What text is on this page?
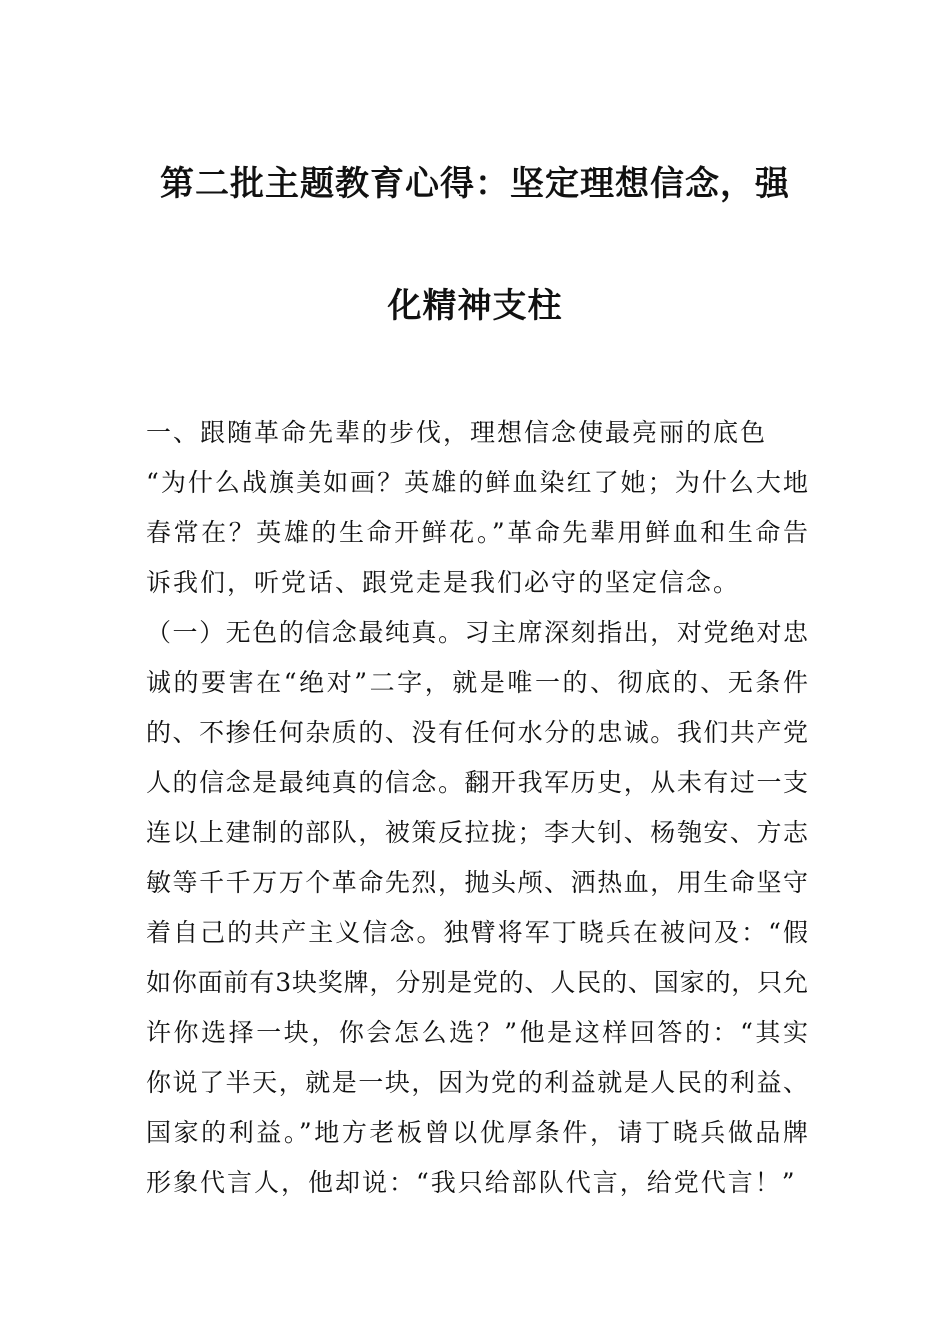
第二批主题教育心得：坚定理想信念，强
化精神支柱
一、跟随革命先辈的步伐，理想信念使最亮丽的底色
“为什么战旗美如画？英雄的鲜血染红了她；为什么大地
春常在？英雄的生命开鲜花。”革命先辈用鲜血和生命告
诉我们，听党话、跟党走是我们必守的坚定信念。
（一）无色的信念最纯真。习主席深刻指出，对党绝对忠
诚的要害在“绝对”二字，就是唯一的、彻底的、无条件
的、不掺任何杂质的、没有任何水分的忠诚。我们共产党
人的信念是最纯真的信念。翻开我军历史，从未有过一支
连以上建制的部队，被策反拉拢；李大钊、杨匏安、方志
敏等千千万万个革命先烈，抛头颅、洒热血，用生命坚守
着自己的共产主义信念。独臂将军丁晓兵在被问及：“假
如你面前有3块奖牌，分别是党的、人民的、国家的，只允
许你选择一块，你会怎么选？”他是这样回答的：“其实
你说了半天，就是一块，因为党的利益就是人民的利益、
国家的利益。”地方老板曾以优厚条件，请丁晓兵做品牌
形象代言人，他却说：“我只给部队代言，给党代言！”
